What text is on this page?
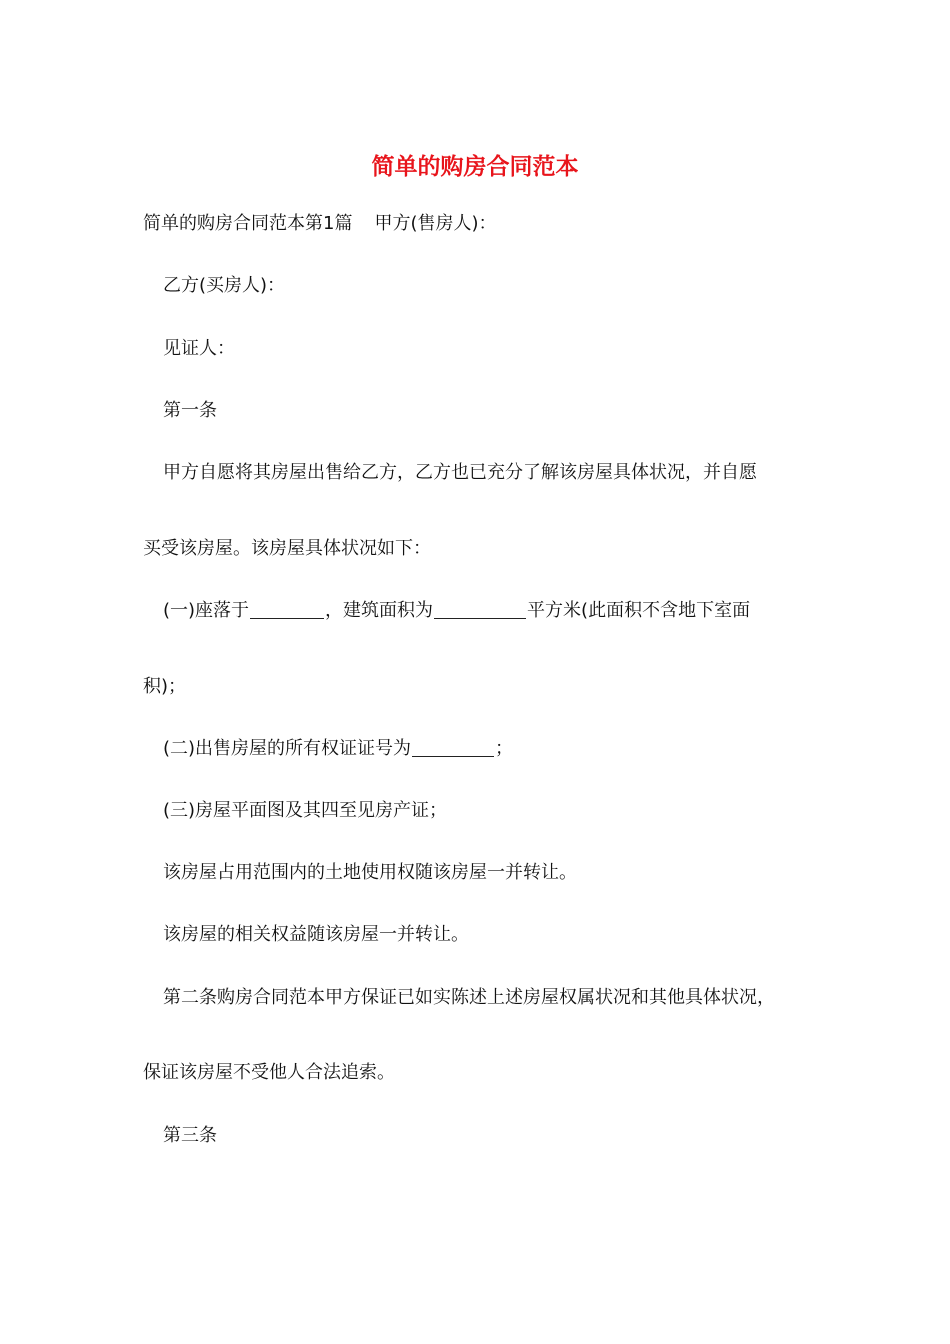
简单的购房合同范本
简单的购房合同范本第1篇 甲方(售房人)：
乙方(买房人)：
见证人：
第一条
甲方自愿将其房屋出售给乙方，乙方也已充分了解该房屋具体状况，并自愿
买受该房屋。该房屋具体状况如下：
(一)座落于	，建筑面积为	平方米(此面积不含地下室面
积)；
(二)出售房屋的所有权证证号为	；
(三)房屋平面图及其四至见房产证；
该房屋占用范围内的土地使用权随该房屋一并转让。
该房屋的相关权益随该房屋一并转让。
第二条购房合同范本甲方保证已如实陈述上述房屋权属状况和其他具体状况，
保证该房屋不受他人合法追索。
第三条
